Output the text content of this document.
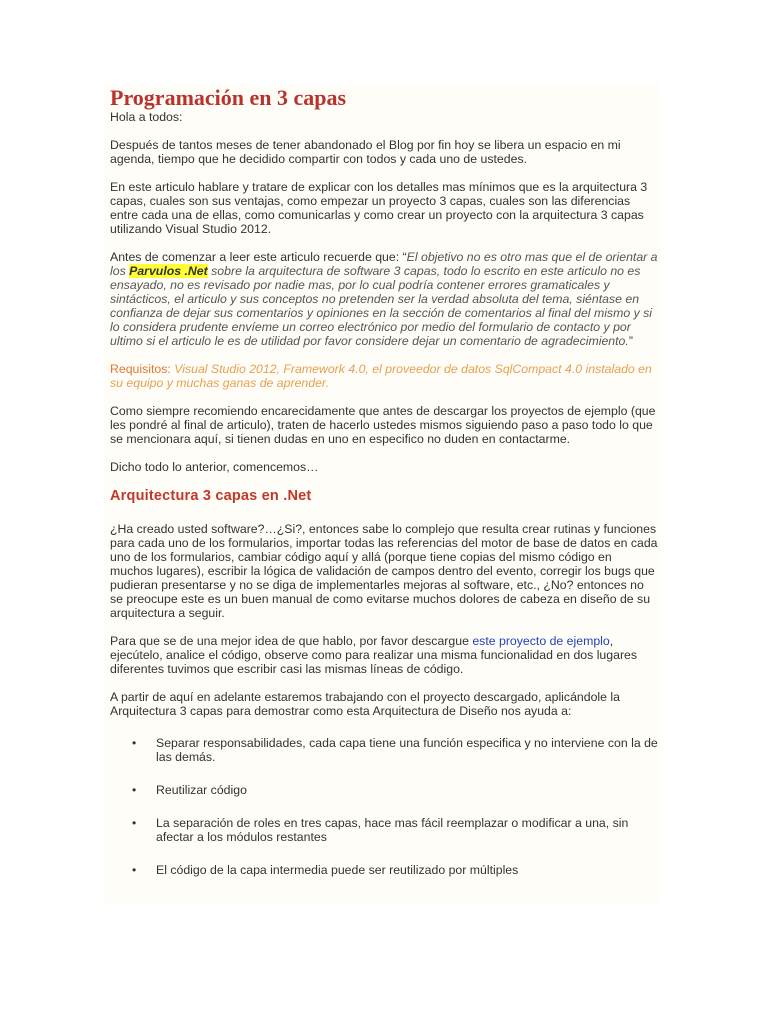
Programación en 3 capas

Hola a todos:

Después de tantos meses de tener abandonado el Blog por fin hoy se libera un espacio en mi agenda, tiempo que he decidido compartir con todos y cada uno de ustedes.

En este articulo hablare y tratare de explicar con los detalles mas mínimos que es la arquitectura 3 capas, cuales son sus ventajas, como empezar un proyecto 3 capas, cuales son las diferencias entre cada una de ellas, como comunicarlas y como crear un proyecto con la arquitectura 3 capas utilizando Visual Studio 2012.

Antes de comenzar a leer este articulo recuerde que: “El objetivo no es otro mas que el de orientar a los Parvulos .Net sobre la arquitectura de software 3 capas, todo lo escrito en este articulo no es ensayado, no es revisado por nadie mas, por lo cual podría contener errores gramaticales y sintácticos, el articulo y sus conceptos no pretenden ser la verdad absoluta del tema, siéntase en confianza de dejar sus comentarios y opiniones en la sección de comentarios al final del mismo y si lo considera prudente envíeme un correo electrónico por medio del formulario de contacto y por ultimo si el articulo le es de utilidad por favor considere dejar un comentario de agradecimiento.”

Requisitos: Visual Studio 2012, Framework 4.0, el proveedor de datos SqlCompact 4.0 instalado en su equipo y muchas ganas de aprender.

Como siempre recomiendo encarecidamente que antes de descargar los proyectos de ejemplo (que les pondré al final de articulo), traten de hacerlo ustedes mismos siguiendo paso a paso todo lo que se mencionara aquí, si tienen dudas en uno en especifico no duden en contactarme.

Dicho todo lo anterior, comencemos…

Arquitectura 3 capas en .Net

¿Ha creado usted software?…¿Si?, entonces sabe lo complejo que resulta crear rutinas y funciones para cada uno de los formularios, importar todas las referencias del motor de base de datos en cada uno de los formularios, cambiar código aquí y allá (porque tiene copias del mismo código en muchos lugares), escribir la lógica de validación de campos dentro del evento, corregir los bugs que pudieran presentarse y no se diga de implementarles mejoras al software, etc., ¿No? entonces no se preocupe este es un buen manual de como evitarse muchos dolores de cabeza en diseño de su arquitectura a seguir.

Para que se de una mejor idea de que hablo, por favor descargue este proyecto de ejemplo, ejecútelo, analice el código, observe como para realizar una misma funcionalidad en dos lugares diferentes tuvimos que escribir casi las mismas líneas de código.

A partir de aquí en adelante estaremos trabajando con el proyecto descargado, aplicándole la Arquitectura 3 capas para demostrar como esta Arquitectura de Diseño nos ayuda a:

• Separar responsabilidades, cada capa tiene una función especifica y no interviene con la de las demás.
• Reutilizar código
• La separación de roles en tres capas, hace mas fácil reemplazar o modificar a una, sin afectar a los módulos restantes
• El código de la capa intermedia puede ser reutilizado por múltiples
